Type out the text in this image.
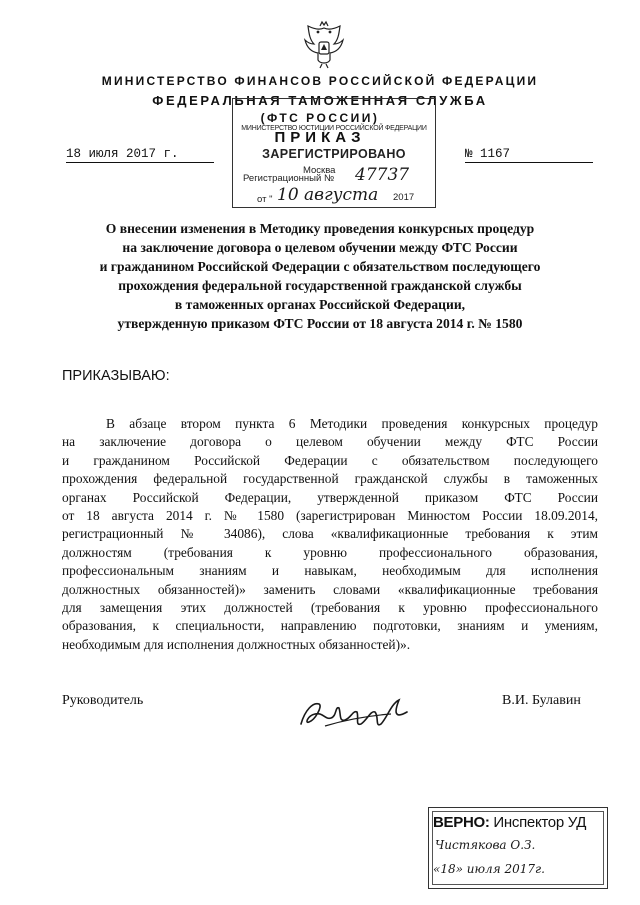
МИНИСТЕРСТВО ФИНАНСОВ РОССИЙСКОЙ ФЕДЕРАЦИИ
ФЕДЕРАЛЬНАЯ ТАМОЖЕННАЯ СЛУЖБА
(ФТС РОССИИ)
ПРИКАЗ
18 июля 2017 г.	№ 1167
МИНИСТЕРСТВО ЮСТИЦИИ РОССИЙСКОЙ ФЕДЕРАЦИИ
ЗАРЕГИСТРИРОВАНО
Москва
Регистрационный № 47737
от " 10 августа 2017
О внесении изменения в Методику проведения конкурсных процедур
на заключение договора о целевом обучении между ФТС России
и гражданином Российской Федерации с обязательством последующего
прохождения федеральной государственной гражданской службы
в таможенных органах Российской Федерации,
утвержденную приказом ФТС России от 18 августа 2014 г. № 1580
ПРИКАЗЫВАЮ:
В абзаце втором пункта 6 Методики проведения конкурсных процедур
на заключение договора о целевом обучении между ФТС России
и гражданином Российской Федерации с обязательством последующего
прохождения федеральной государственной гражданской службы в таможенных
органах Российской Федерации, утвержденной приказом ФТС России
от 18 августа 2014 г. № 1580 (зарегистрирован Минюстом России 18.09.2014,
регистрационный № 34086), слова «квалификационные требования к этим
должностям (требования к уровню профессионального образования,
профессиональным знаниям и навыкам, необходимым для исполнения
должностных обязанностей)» заменить словами «квалификационные требования
для замещения этих должностей (требования к уровню профессионального
образования, к специальности, направлению подготовки, знаниям и умениям,
необходимым для исполнения должностных обязанностей)».
Руководитель	В.И. Булавин
ВЕРНО: Инспектор УД
Чистякова О.З.
«18» июля 2017г.
